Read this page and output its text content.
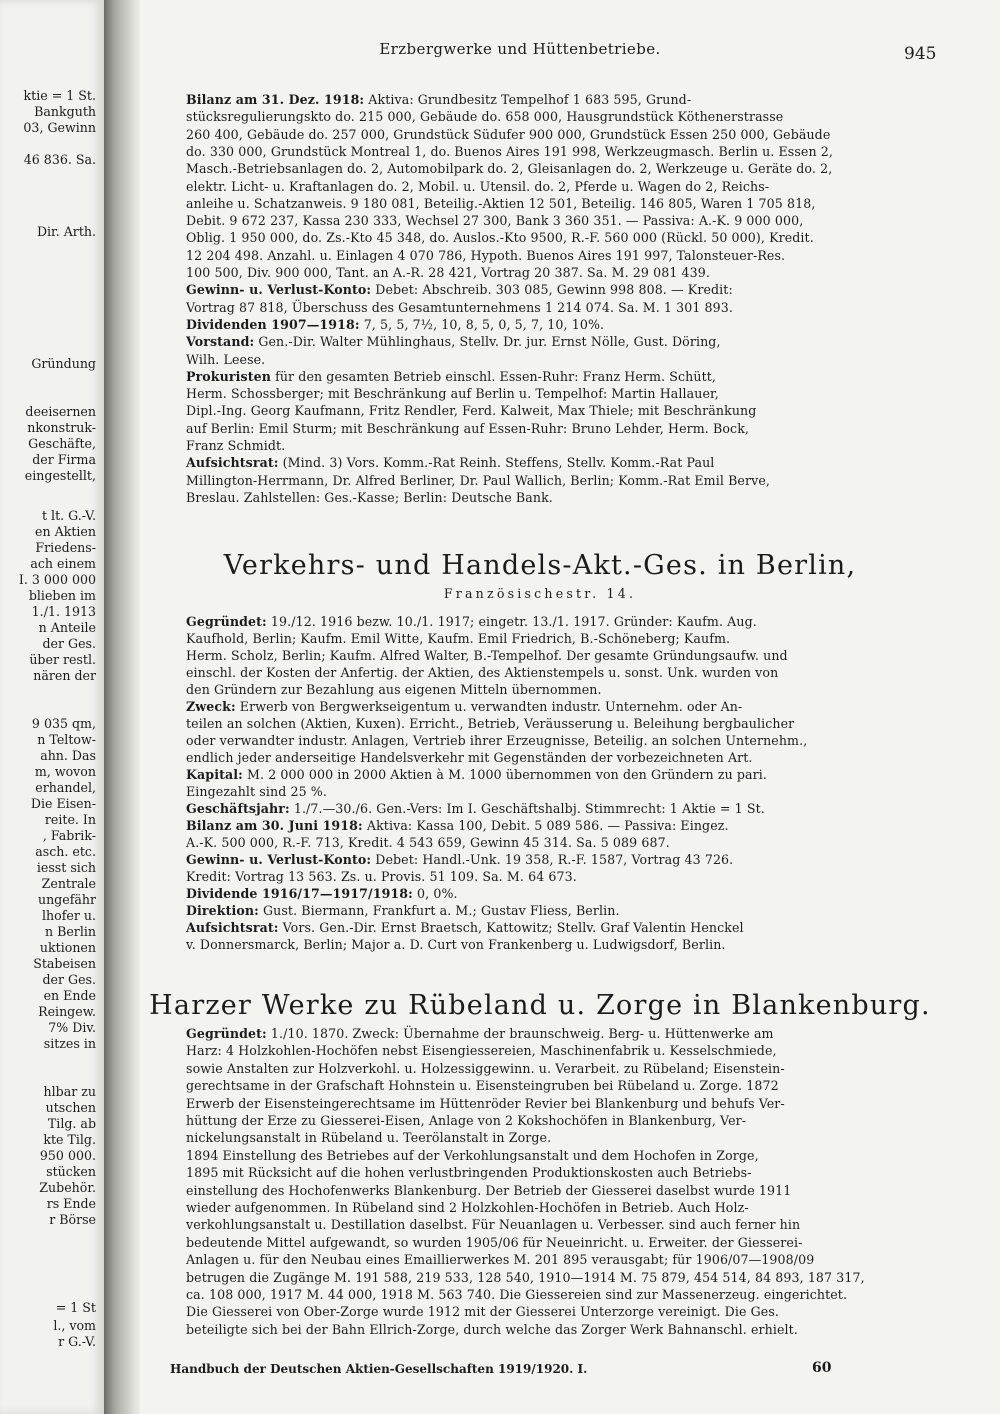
ktie = 1 St.
Bankguth
03, Gewinn
46 836. Sa.
Dir. Arth.
Gründung
deeisernen
nkonstruk-
Geschäfte,
der Firma
eingestellt,
t lt. G.-V.
en Aktien
Friedens-
ach einem
I. 3 000 000
blieben im
1./1. 1913
n Anteile
der Ges.
über restl.
nären der
9 035 qm,
n Teltow-
ahn. Das
m, wovon
erhandel,
Die Eisen-
reite. In
, Fabrik-
asch. etc.
iesst sich
Zentrale
ungefähr
lhofer u.
n Berlin
uktionen
Stabeisen
der Ges.
en Ende
Reingew.
7% Div.
sitzes in
hlbar zu
utschen
Tilg. ab
kte Tilg.
950 000.
stücken
Zubehör.
rs Ende
r Börse
= 1 St
l., vom
r G.-V.
Erzbergwerke und Hüttenbetriebe.	945
Bilanz am 31. Dez. 1918: Aktiva: Grundbesitz Tempelhof 1 683 595, Grund-
stücksregulierungskto do. 215 000, Gebäude do. 658 000, Hausgrundstück Köthenerstrasse
260 400, Gebäude do. 257 000, Grundstück Südufer 900 000, Grundstück Essen 250 000, Gebäude
do. 330 000, Grundstück Montreal 1, do. Buenos Aires 191 998, Werkzeugmasch. Berlin u. Essen 2,
Masch.-Betriebsanlagen do. 2, Automobilpark do. 2, Gleisanlagen do. 2, Werkzeuge u. Geräte do. 2,
elektr. Licht- u. Kraftanlagen do. 2, Mobil. u. Utensil. do. 2, Pferde u. Wagen do 2, Reichs-
anleihe u. Schatzanweis. 9 180 081, Beteilig.-Aktien 12 501, Beteilig. 146 805, Waren 1 705 818,
Debit. 9 672 237, Kassa 230 333, Wechsel 27 300, Bank 3 360 351. — Passiva: A.-K. 9 000 000,
Oblig. 1 950 000, do. Zs.-Kto 45 348, do. Auslos.-Kto 9500, R.-F. 560 000 (Rückl. 50 000), Kredit.
12 204 498. Anzahl. u. Einlagen 4 070 786, Hypoth. Buenos Aires 191 997, Talonsteuer-Res.
100 500, Div. 900 000, Tant. an A.-R. 28 421, Vortrag 20 387. Sa. M. 29 081 439.
Gewinn- u. Verlust-Konto: Debet: Abschreib. 303 085, Gewinn 998 808. — Kredit:
Vortrag 87 818, Überschuss des Gesamtunternehmens 1 214 074. Sa. M. 1 301 893.
Dividenden 1907—1918: 7, 5, 5, 7½, 10, 8, 5, 0, 5, 7, 10, 10%.
Vorstand: Gen.-Dir. Walter Mühlinghaus, Stellv. Dr. jur. Ernst Nölle, Gust. Döring,
Wilh. Leese.
Prokuristen für den gesamten Betrieb einschl. Essen-Ruhr: Franz Herm. Schütt,
Herm. Schossberger; mit Beschränkung auf Berlin u. Tempelhof: Martin Hallauer,
Dipl.-Ing. Georg Kaufmann, Fritz Rendler, Ferd. Kalweit, Max Thiele; mit Beschränkung
auf Berlin: Emil Sturm; mit Beschränkung auf Essen-Ruhr: Bruno Lehder, Herm. Bock,
Franz Schmidt.
Aufsichtsrat: (Mind. 3) Vors. Komm.-Rat Reinh. Steffens, Stellv. Komm.-Rat Paul
Millington-Herrmann, Dr. Alfred Berliner, Dr. Paul Wallich, Berlin; Komm.-Rat Emil Berve,
Breslau. Zahlstellen: Ges.-Kasse; Berlin: Deutsche Bank.
Verkehrs- und Handels-Akt.-Ges. in Berlin,
Französischestr. 14.
Gegründet: 19./12. 1916 bezw. 10./1. 1917; eingetr. 13./1. 1917. Gründer: Kaufm. Aug.
Kaufhold, Berlin; Kaufm. Emil Witte, Kaufm. Emil Friedrich, B.-Schöneberg; Kaufm.
Herm. Scholz, Berlin; Kaufm. Alfred Walter, B.-Tempelhof. Der gesamte Gründungsaufw. und
einschl. der Kosten der Anfertig. der Aktien, des Aktienstempels u. sonst. Unk. wurden von
den Gründern zur Bezahlung aus eigenen Mitteln übernommen.
Zweck: Erwerb von Bergwerkseigentum u. verwandten industr. Unternehm. oder An-
teilen an solchen (Aktien, Kuxen). Erricht., Betrieb, Veräusserung u. Beleihung bergbaulicher
oder verwandter industr. Anlagen, Vertrieb ihrer Erzeugnisse, Beteilig. an solchen Unternehm.,
endlich jeder anderseitige Handelsverkehr mit Gegenständen der vorbezeichneten Art.
Kapital: M. 2 000 000 in 2000 Aktien à M. 1000 übernommen von den Gründern zu pari.
Eingezahlt sind 25 %.
Geschäftsjahr: 1./7.—30./6. Gen.-Vers: Im I. Geschäftshalbj. Stimmrecht: 1 Aktie = 1 St.
Bilanz am 30. Juni 1918: Aktiva: Kassa 100, Debit. 5 089 586. — Passiva: Eingez.
A.-K. 500 000, R.-F. 713, Kredit. 4 543 659, Gewinn 45 314. Sa. 5 089 687.
Gewinn- u. Verlust-Konto: Debet: Handl.-Unk. 19 358, R.-F. 1587, Vortrag 43 726.
Kredit: Vortrag 13 563. Zs. u. Provis. 51 109. Sa. M. 64 673.
Dividende 1916/17—1917/1918: 0, 0%.
Direktion: Gust. Biermann, Frankfurt a. M.; Gustav Fliess, Berlin.
Aufsichtsrat: Vors. Gen.-Dir. Ernst Braetsch, Kattowitz; Stellv. Graf Valentin Henckel
v. Donnersmarck, Berlin; Major a. D. Curt von Frankenberg u. Ludwigsdorf, Berlin.
Harzer Werke zu Rübeland u. Zorge in Blankenburg.
Gegründet: 1./10. 1870. Zweck: Übernahme der braunschweig. Berg- u. Hüttenwerke am
Harz: 4 Holzkohlen-Hochöfen nebst Eisengiessereien, Maschinenfabrik u. Kesselschmiede,
sowie Anstalten zur Holzverkohl. u. Holzessiggewinn. u. Verarbeit. zu Rübeland; Eisenstein-
gerechtsame in der Grafschaft Hohnstein u. Eisensteingruben bei Rübeland u. Zorge. 1872
Erwerb der Eisensteingerechtsame im Hüttenröder Revier bei Blankenburg und behufs Ver-
hüttung der Erze zu Giesserei-Eisen, Anlage von 2 Kokshochöfen in Blankenburg, Ver-
nickelungsanstalt in Rübeland u. Teerölanstalt in Zorge.
1894 Einstellung des Betriebes auf der Verkohlungsanstalt und dem Hochofen in Zorge,
1895 mit Rücksicht auf die hohen verlustbringenden Produktionskosten auch Betriebs-
einstellung des Hochofenwerks Blankenburg. Der Betrieb der Giesserei daselbst wurde 1911
wieder aufgenommen. In Rübeland sind 2 Holzkohlen-Hochöfen in Betrieb. Auch Holz-
verkohlungsanstalt u. Destillation daselbst. Für Neuanlagen u. Verbesser. sind auch ferner hin
bedeutende Mittel aufgewandt, so wurden 1905/06 für Neueinricht. u. Erweiter. der Giesserei-
Anlagen u. für den Neubau eines Emaillierwerkes M. 201 895 verausgabt; für 1906/07—1908/09
betrugen die Zugänge M. 191 588, 219 533, 128 540, 1910—1914 M. 75 879, 454 514, 84 893, 187 317,
ca. 108 000, 1917 M. 44 000, 1918 M. 563 740. Die Giessereien sind zur Massenerzeug. eingerichtet.
Die Giesserei von Ober-Zorge wurde 1912 mit der Giesserei Unterzorge vereinigt. Die Ges.
beteiligte sich bei der Bahn Ellrich-Zorge, durch welche das Zorger Werk Bahnanschl. erhielt.
Handbuch der Deutschen Aktien-Gesellschaften 1919/1920. I.	60
